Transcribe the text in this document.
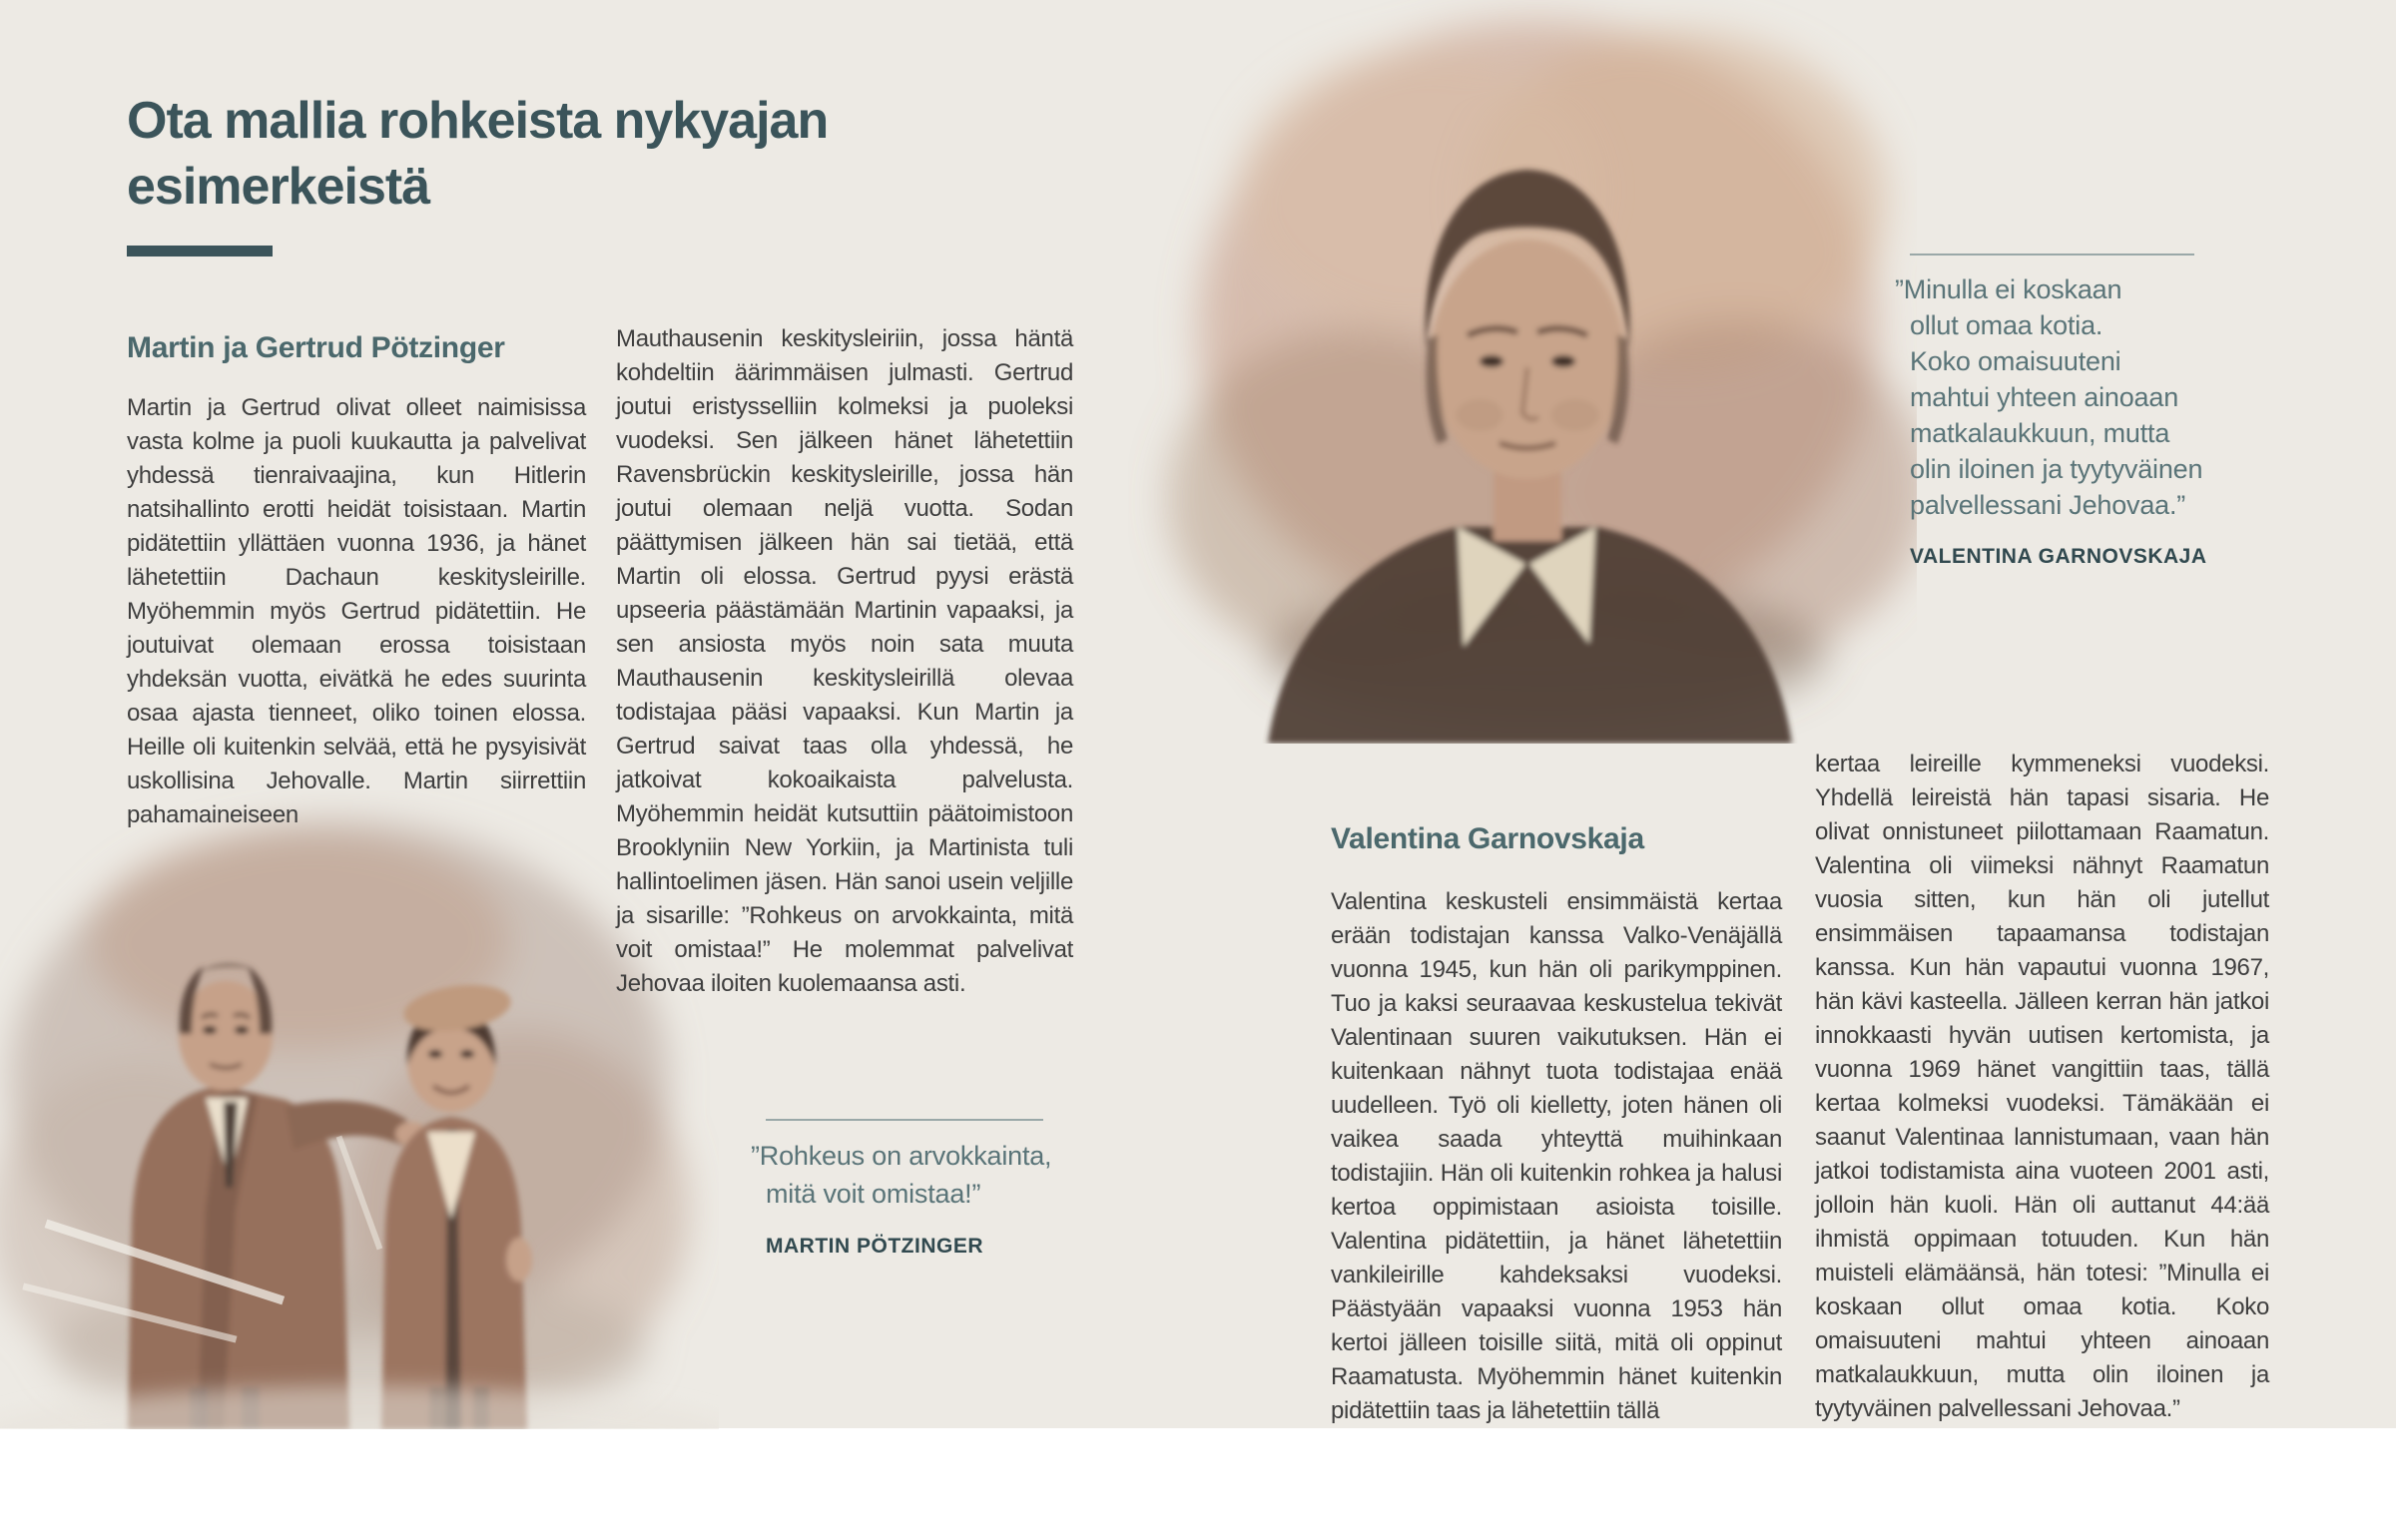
Ota mallia rohkeista nykyajan
esimerkeistä
Martin ja Gertrud Pötzinger

Martin ja Gertrud olivat olleet naimisissa vasta kolme ja puoli kuukautta ja palvelivat yhdessä tienraivaajina, kun Hitlerin natsihallinto erotti heidät toisistaan. Martin pidätettiin yllättäen vuonna 1936, ja hänet lähetettiin Dachaun keskitysleirille. Myöhemmin myös Gertrud pidätettiin. He joutuivat olemaan erossa toisistaan yhdeksän vuotta, eivätkä he edes suurinta osaa ajasta tienneet, oliko toinen elossa. Heille oli kuitenkin selvää, että he pysyisivät uskollisina Jehovalle. Martin siirrettiin pahamaineiseen

Mauthausenin keskitysleiriin, jossa häntä kohdeltiin äärimmäisen julmasti. Gertrud joutui eristysselliin kolmeksi ja puoleksi vuodeksi. Sen jälkeen hänet lähetettiin Ravensbrückin keskitysleirille, jossa hän joutui olemaan neljä vuotta. Sodan päättymisen jälkeen hän sai tietää, että Martin oli elossa. Gertrud pyysi erästä upseeria päästämään Martinin vapaaksi, ja sen ansiosta myös noin sata muuta Mauthausenin keskitysleirillä olevaa todistajaa pääsi vapaaksi. Kun Martin ja Gertrud saivat taas olla yhdessä, he jatkoivat kokoaikaista palvelusta. Myöhemmin heidät kutsuttiin päätoimistoon Brooklyniin New Yorkiin, ja Martinista tuli hallintoelimen jäsen. Hän sanoi usein veljille ja sisarille: ”Rohkeus on arvokkainta, mitä voit omistaa!” He molemmat palvelivat Jehovaa iloiten kuolemaansa asti.

”Rohkeus on arvokkainta,
mitä voit omistaa!”
MARTIN PÖTZINGER
”Minulla ei koskaan
ollut omaa kotia.
Koko omaisuuteni
mahtui yhteen ainoaan
matkalaukkuun, mutta
olin iloinen ja tyytyväinen
palvellessani Jehovaa.”
VALENTINA GARNOVSKAJA
Valentina Garnovskaja

Valentina keskusteli ensimmäistä kertaa erään todistajan kanssa Valko-Venäjällä vuonna 1945, kun hän oli parikymppinen. Tuo ja kaksi seuraavaa keskustelua tekivät Valentinaan suuren vaikutuksen. Hän ei kuitenkaan nähnyt tuota todistajaa enää uudelleen. Työ oli kielletty, joten hänen oli vaikea saada yhteyttä muihinkaan todistajiin. Hän oli kuitenkin rohkea ja halusi kertoa oppimistaan asioista toisille. Valentina pidätettiin, ja hänet lähetettiin vankileirille kahdeksaksi vuodeksi. Päästyään vapaaksi vuonna 1953 hän kertoi jälleen toisille siitä, mitä oli oppinut Raamatusta. Myöhemmin hänet kuitenkin pidätettiin taas ja lähetettiin tällä

kertaa leireille kymmeneksi vuodeksi. Yhdellä leireistä hän tapasi sisaria. He olivat onnistuneet piilottamaan Raamatun. Valentina oli viimeksi nähnyt Raamatun vuosia sitten, kun hän oli jutellut ensimmäisen tapaamansa todistajan kanssa. Kun hän vapautui vuonna 1967, hän kävi kasteella. Jälleen kerran hän jatkoi innokkaasti hyvän uutisen kertomista, ja vuonna 1969 hänet vangittiin taas, tällä kertaa kolmeksi vuodeksi. Tämäkään ei saanut Valentinaa lannistumaan, vaan hän jatkoi todistamista aina vuoteen 2001 asti, jolloin hän kuoli. Hän oli auttanut 44:ää ihmistä oppimaan totuuden. Kun hän muisteli elämäänsä, hän totesi: ”Minulla ei koskaan ollut omaa kotia. Koko omaisuuteni mahtui yhteen ainoaan matkalaukkuun, mutta olin iloinen ja tyytyväinen palvellessani Jehovaa.”
